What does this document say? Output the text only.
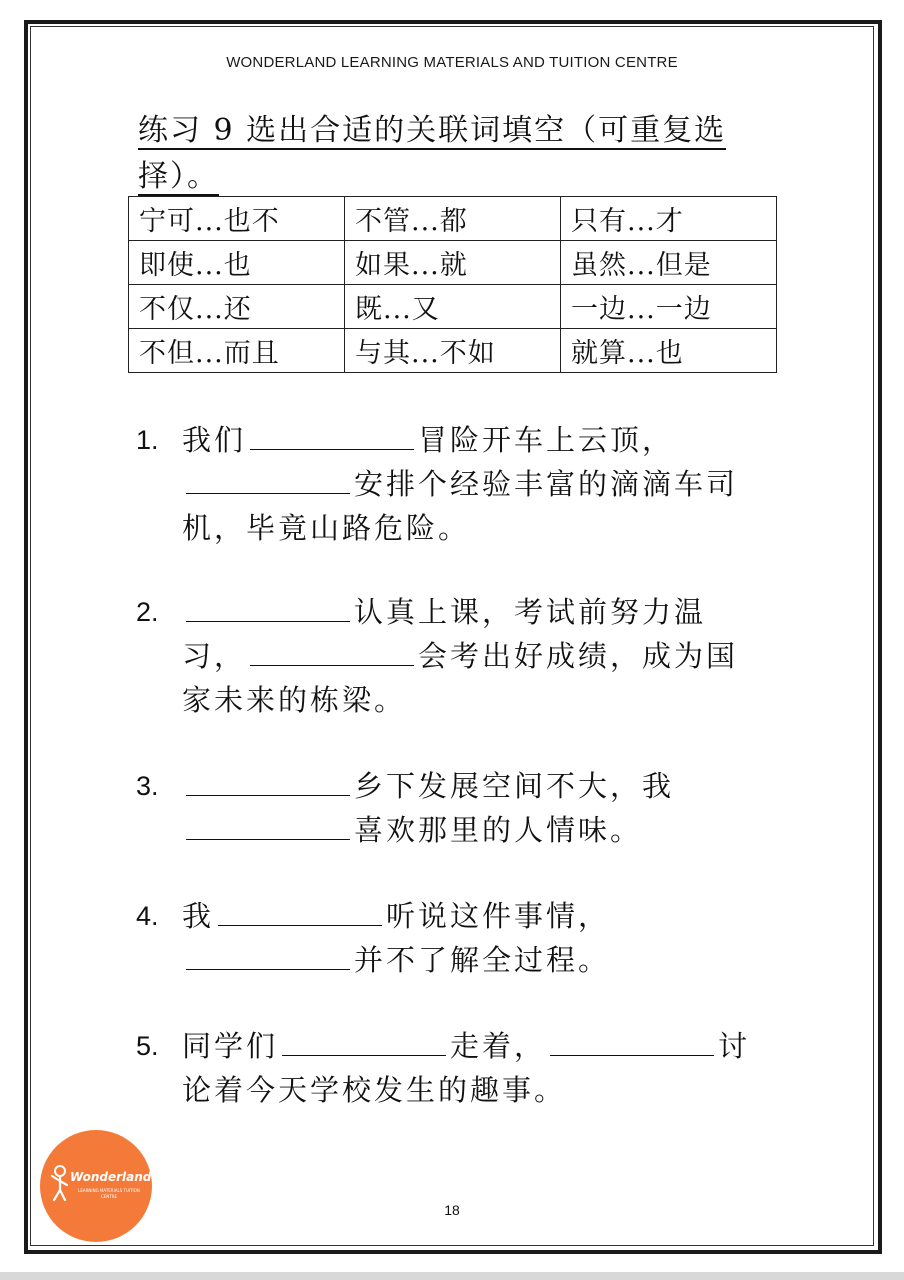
WONDERLAND LEARNING MATERIALS AND TUITION CENTRE
练习 9 选出合适的关联词填空（可重复选
择）。
宁可...也不	不管...都	只有...才
即使...也	如果...就	虽然...但是
不仅...还	既...又	一边...一边
不但...而且	与其...不如	就算...也
1. 我们	冒险开车上云顶，安排个经验丰富的滴滴车司机，毕竟山路危险。
2.	认真上课，考试前努力温习，	会考出好成绩，成为国家未来的栋梁。
3.	乡下发展空间不大，我喜欢那里的人情味。
4. 我	听说这件事情，并不了解全过程。
5. 同学们	走着，	讨论着今天学校发生的趣事。
Wonderland
LEARNING MATERIALS TUITION CENTRE
18
